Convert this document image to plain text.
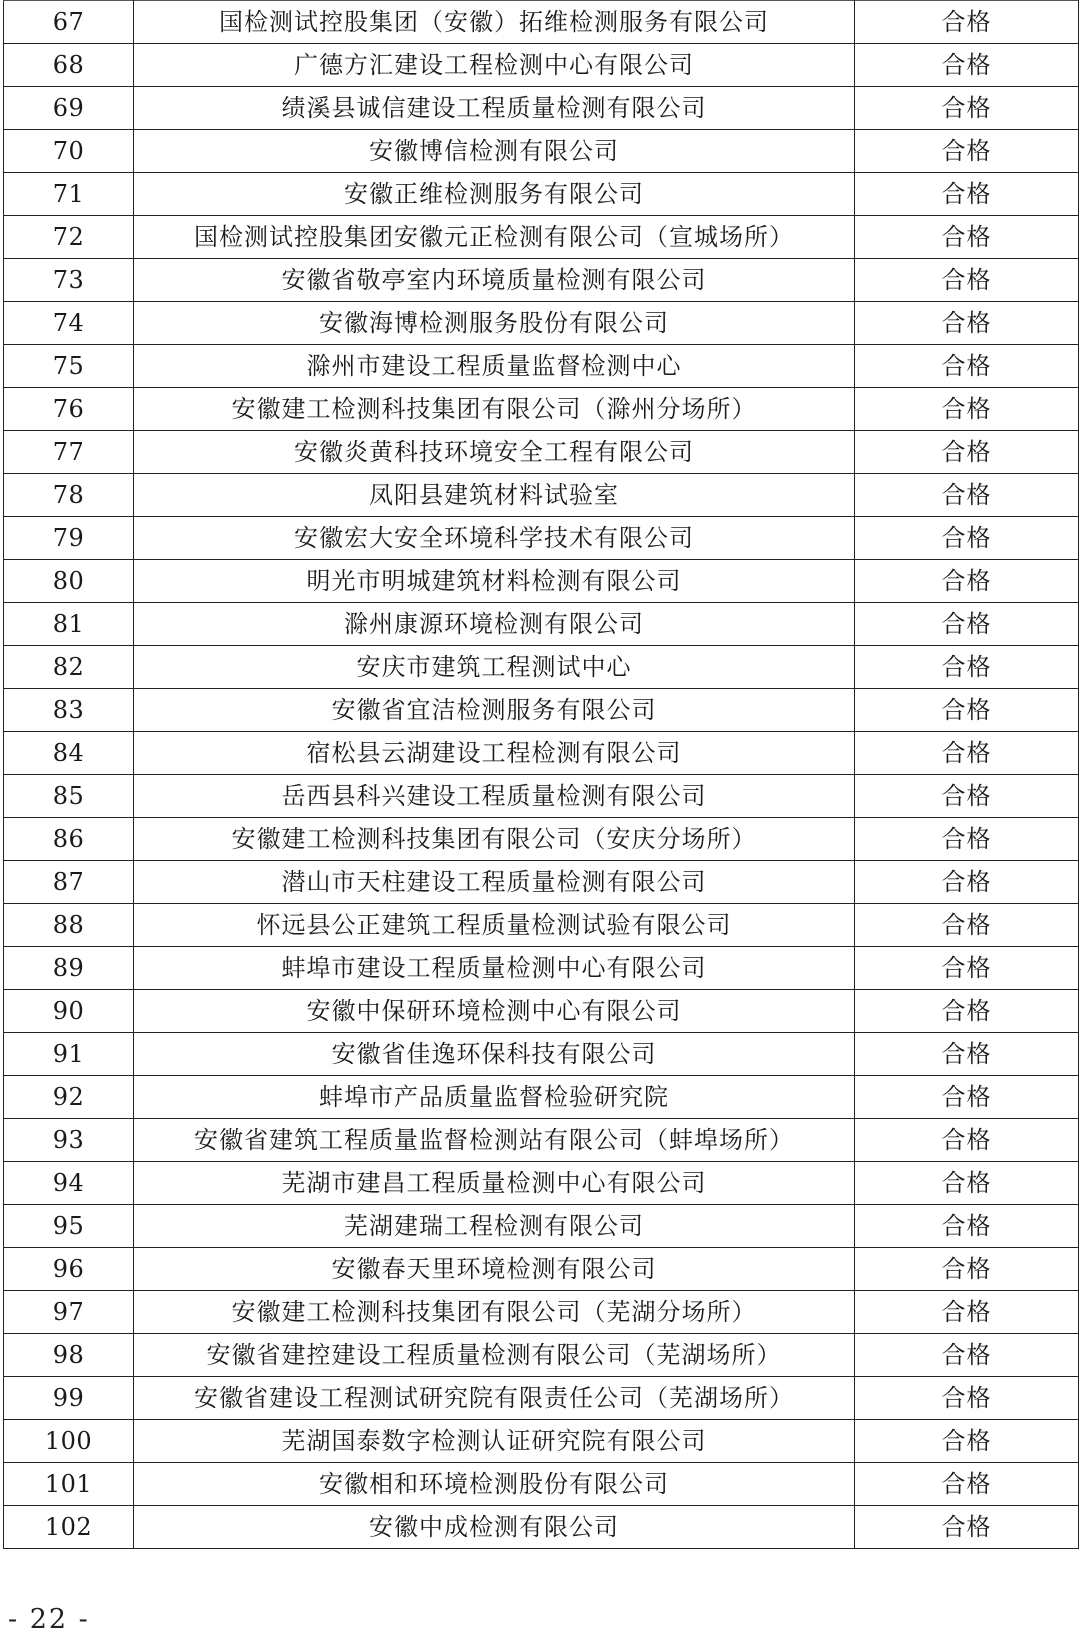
67	国检测试控股集团（安徽）拓维检测服务有限公司	合格
68	广德方汇建设工程检测中心有限公司	合格
69	绩溪县诚信建设工程质量检测有限公司	合格
70	安徽博信检测有限公司	合格
71	安徽正维检测服务有限公司	合格
72	国检测试控股集团安徽元正检测有限公司（宣城场所）	合格
73	安徽省敬亭室内环境质量检测有限公司	合格
74	安徽海博检测服务股份有限公司	合格
75	滁州市建设工程质量监督检测中心	合格
76	安徽建工检测科技集团有限公司（滁州分场所）	合格
77	安徽炎黄科技环境安全工程有限公司	合格
78	凤阳县建筑材料试验室	合格
79	安徽宏大安全环境科学技术有限公司	合格
80	明光市明城建筑材料检测有限公司	合格
81	滁州康源环境检测有限公司	合格
82	安庆市建筑工程测试中心	合格
83	安徽省宜洁检测服务有限公司	合格
84	宿松县云湖建设工程检测有限公司	合格
85	岳西县科兴建设工程质量检测有限公司	合格
86	安徽建工检测科技集团有限公司（安庆分场所）	合格
87	潜山市天柱建设工程质量检测有限公司	合格
88	怀远县公正建筑工程质量检测试验有限公司	合格
89	蚌埠市建设工程质量检测中心有限公司	合格
90	安徽中保研环境检测中心有限公司	合格
91	安徽省佳逸环保科技有限公司	合格
92	蚌埠市产品质量监督检验研究院	合格
93	安徽省建筑工程质量监督检测站有限公司（蚌埠场所）	合格
94	芜湖市建昌工程质量检测中心有限公司	合格
95	芜湖建瑞工程检测有限公司	合格
96	安徽春天里环境检测有限公司	合格
97	安徽建工检测科技集团有限公司（芜湖分场所）	合格
98	安徽省建控建设工程质量检测有限公司（芜湖场所）	合格
99	安徽省建设工程测试研究院有限责任公司（芜湖场所）	合格
100	芜湖国泰数字检测认证研究院有限公司	合格
101	安徽相和环境检测股份有限公司	合格
102	安徽中成检测有限公司	合格
- 22 -
